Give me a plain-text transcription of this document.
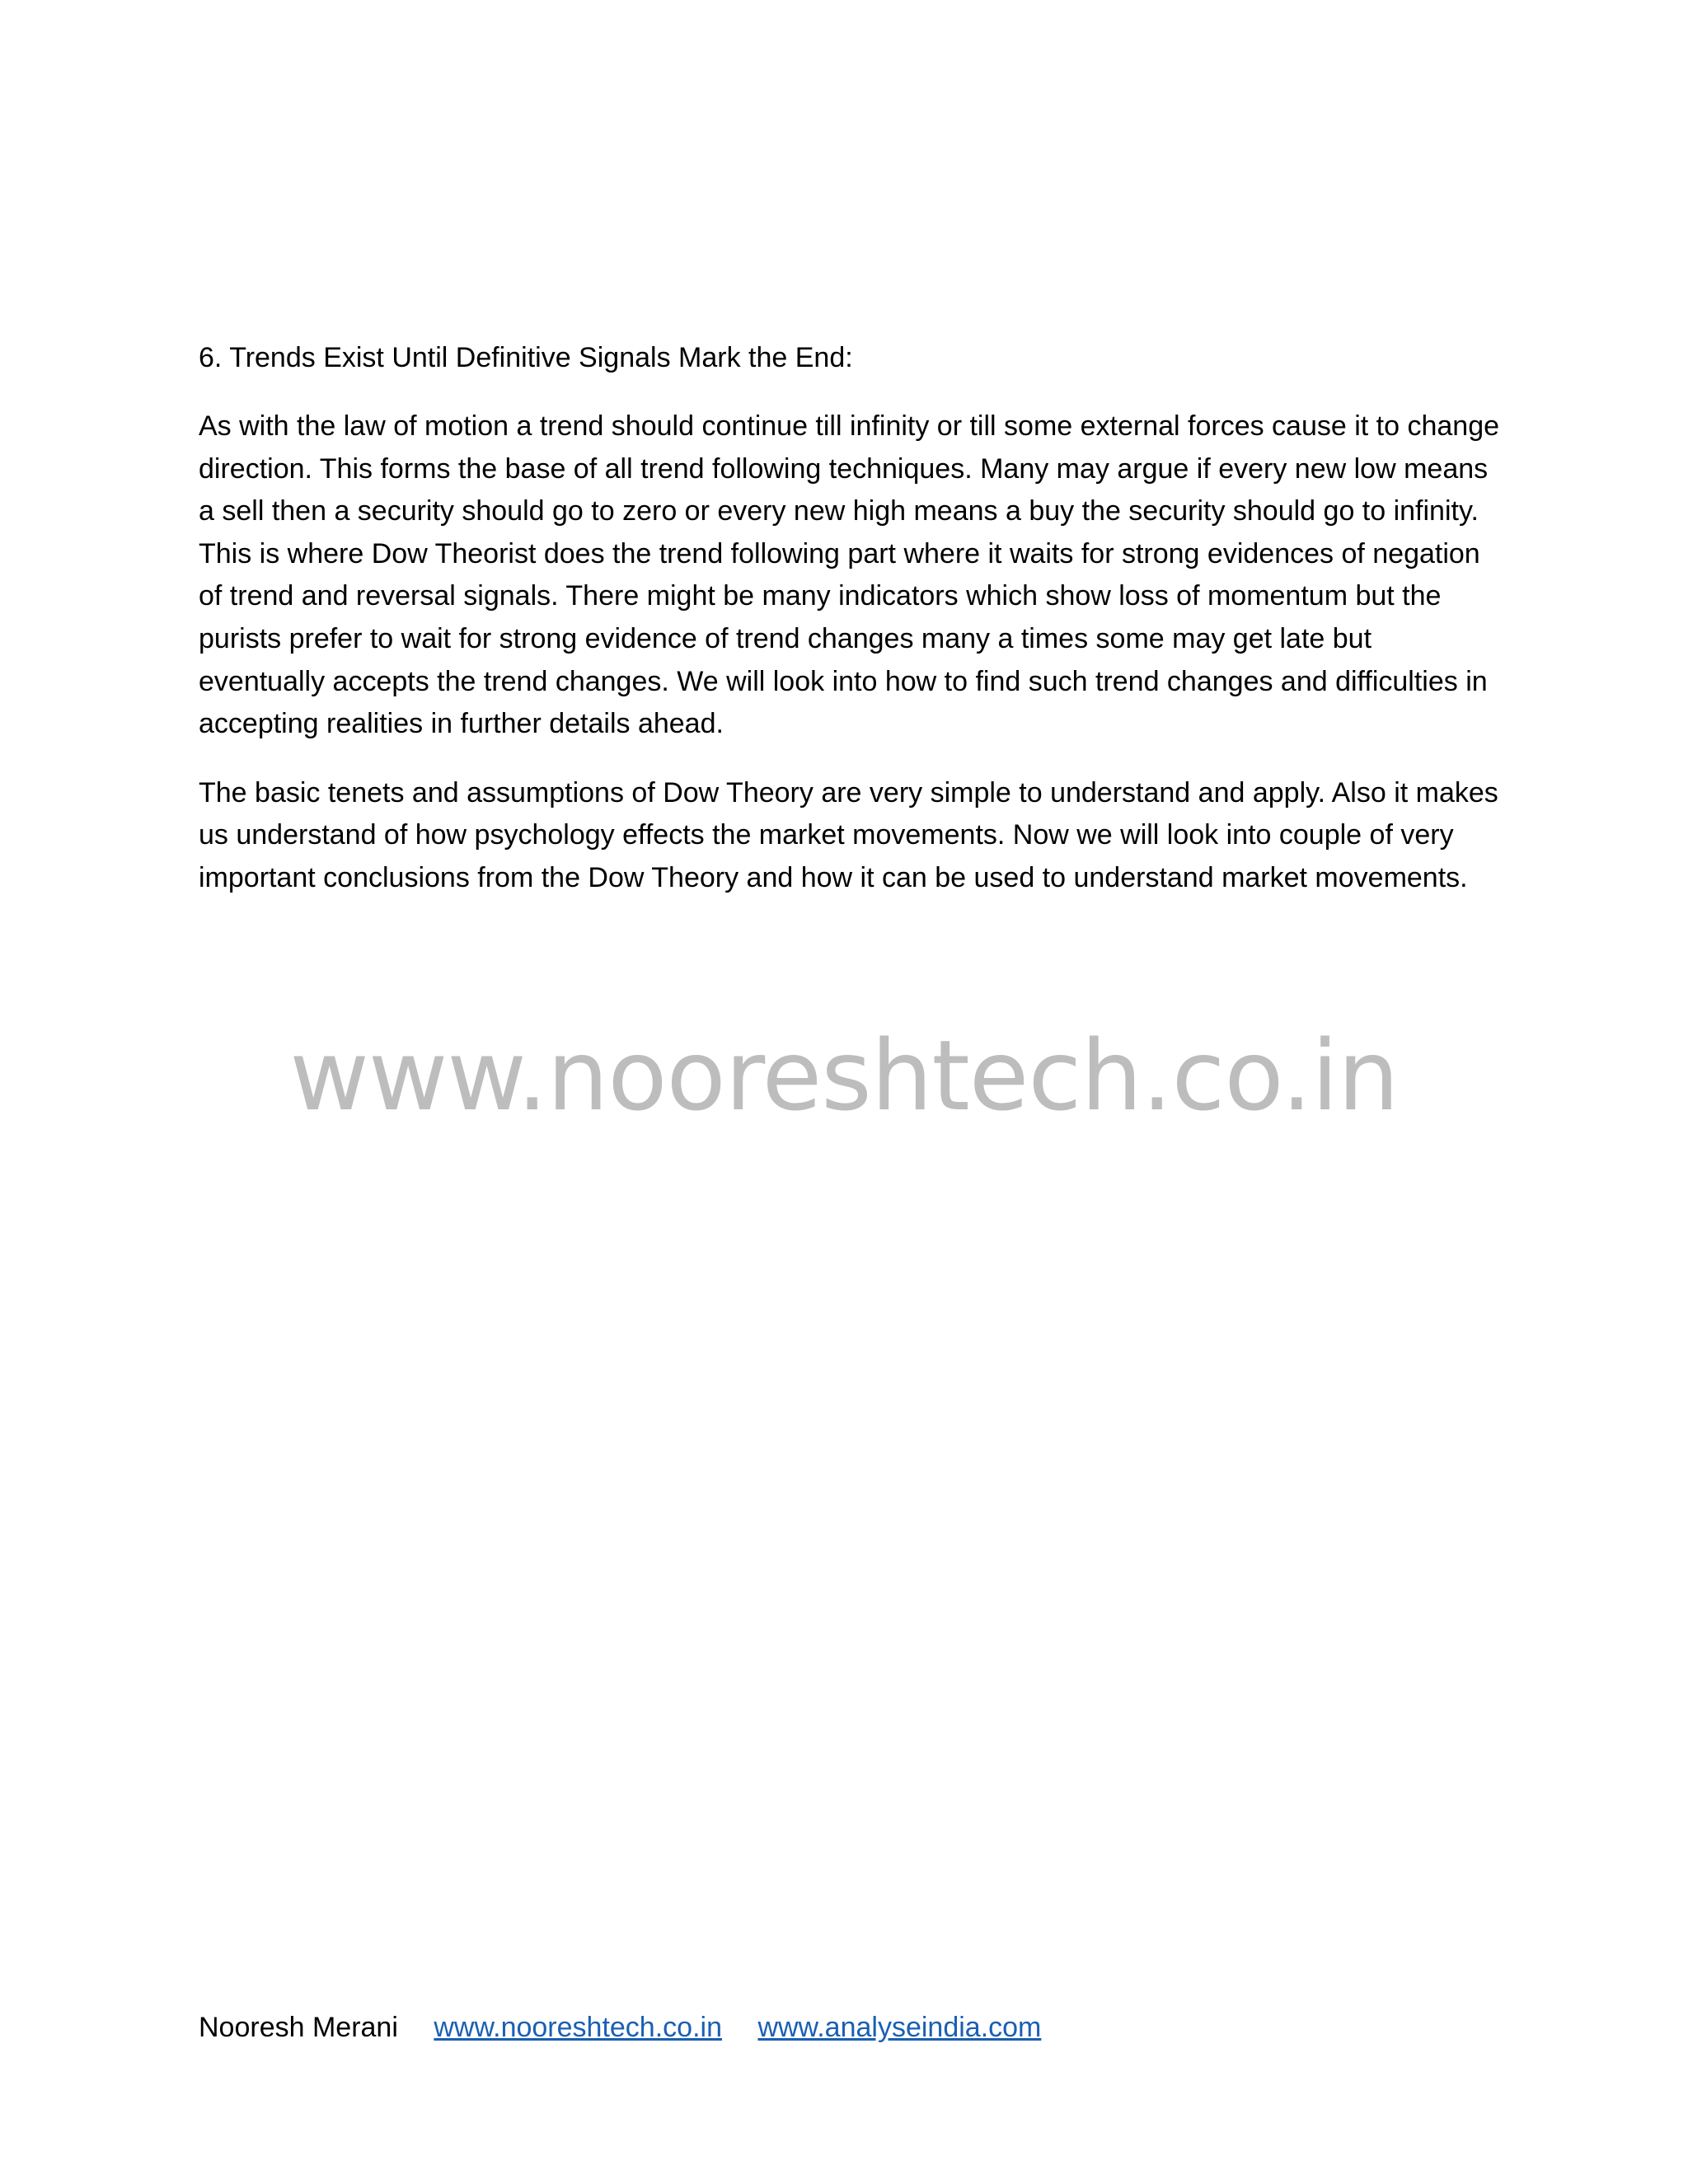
6. Trends Exist Until Definitive Signals Mark the End:

As with the law of motion a trend should continue till infinity or till some external forces cause it to change direction. This forms the base of all trend following techniques. Many may argue if every new low means a sell then a security should go to zero or every new high means a buy the security should go to infinity. This is where Dow Theorist does the trend following part where it waits for strong evidences of negation of trend and reversal signals. There might be many indicators which show loss of momentum but the purists prefer to wait for strong evidence of trend changes many a times some may get late but eventually accepts the trend changes. We will look into how to find such trend changes and difficulties in accepting realities in further details ahead.

The basic tenets and assumptions of Dow Theory are very simple to understand and apply. Also it makes us understand of how psychology effects the market movements. Now we will look into couple of very important conclusions from the Dow Theory and how it can be used to understand market movements.

www.nooreshtech.co.in
Nooresh Merani www.nooreshtech.co.in www.analyseindia.com
